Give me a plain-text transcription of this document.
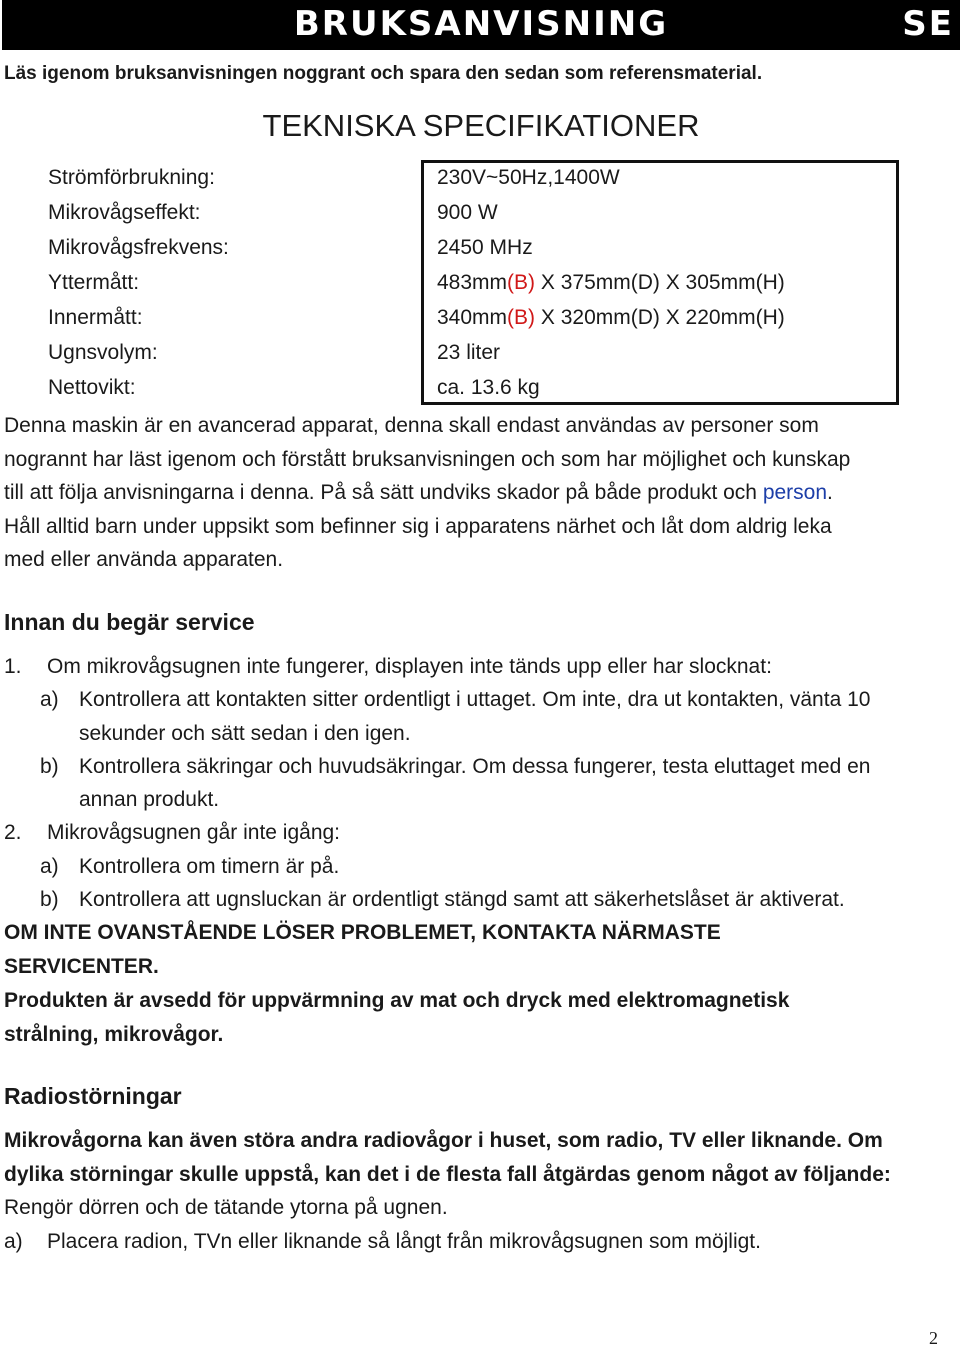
BRUKSANVISNING	SE
Läs igenom bruksanvisningen noggrant och spara den sedan som referensmaterial.
TEKNISKA SPECIFIKATIONER
Strömförbrukning:
Mikrovågseffekt:
Mikrovågsfrekvens:
Yttermått:
Innermått:
Ugnsvolym:
Nettovikt:
230V~50Hz,1400W
900 W
2450 MHz
483mm(B) X 375mm(D) X 305mm(H)
340mm(B) X 320mm(D) X 220mm(H)
23 liter
ca. 13.6 kg
Denna maskin är en avancerad apparat, denna skall endast användas av personer som
nogrannt har läst igenom och förstått bruksanvisningen och som har möjlighet och kunskap
till att följa anvisningarna i denna. På så sätt undviks skador på både produkt och person.
Håll alltid barn under uppsikt som befinner sig i apparatens närhet och låt dom aldrig leka
med eller använda apparaten.
Innan du begär service
1. Om mikrovågsugnen inte fungerer, displayen inte tänds upp eller har slocknat:
a) Kontrollera att kontakten sitter ordentligt i uttaget. Om inte, dra ut kontakten, vänta 10
sekunder och sätt sedan i den igen.
b) Kontrollera säkringar och huvudsäkringar. Om dessa fungerer, testa eluttaget med en
annan produkt.
2. Mikrovågsugnen går inte igång:
a) Kontrollera om timern är på.
b) Kontrollera att ugnsluckan är ordentligt stängd samt att säkerhetslåset är aktiverat.
OM INTE OVANSTÅENDE LÖSER PROBLEMET, KONTAKTA NÄRMASTE
SERVICENTER.
Produkten är avsedd för uppvärmning av mat och dryck med elektromagnetisk
strålning, mikrovågor.
Radiostörningar
Mikrovågorna kan även störa andra radiovågor i huset, som radio, TV eller liknande. Om
dylika störningar skulle uppstå, kan det i de flesta fall åtgärdas genom något av följande:
Rengör dörren och de tätande ytorna på ugnen.
a) Placera radion, TVn eller liknande så långt från mikrovågsugnen som möjligt.
2
